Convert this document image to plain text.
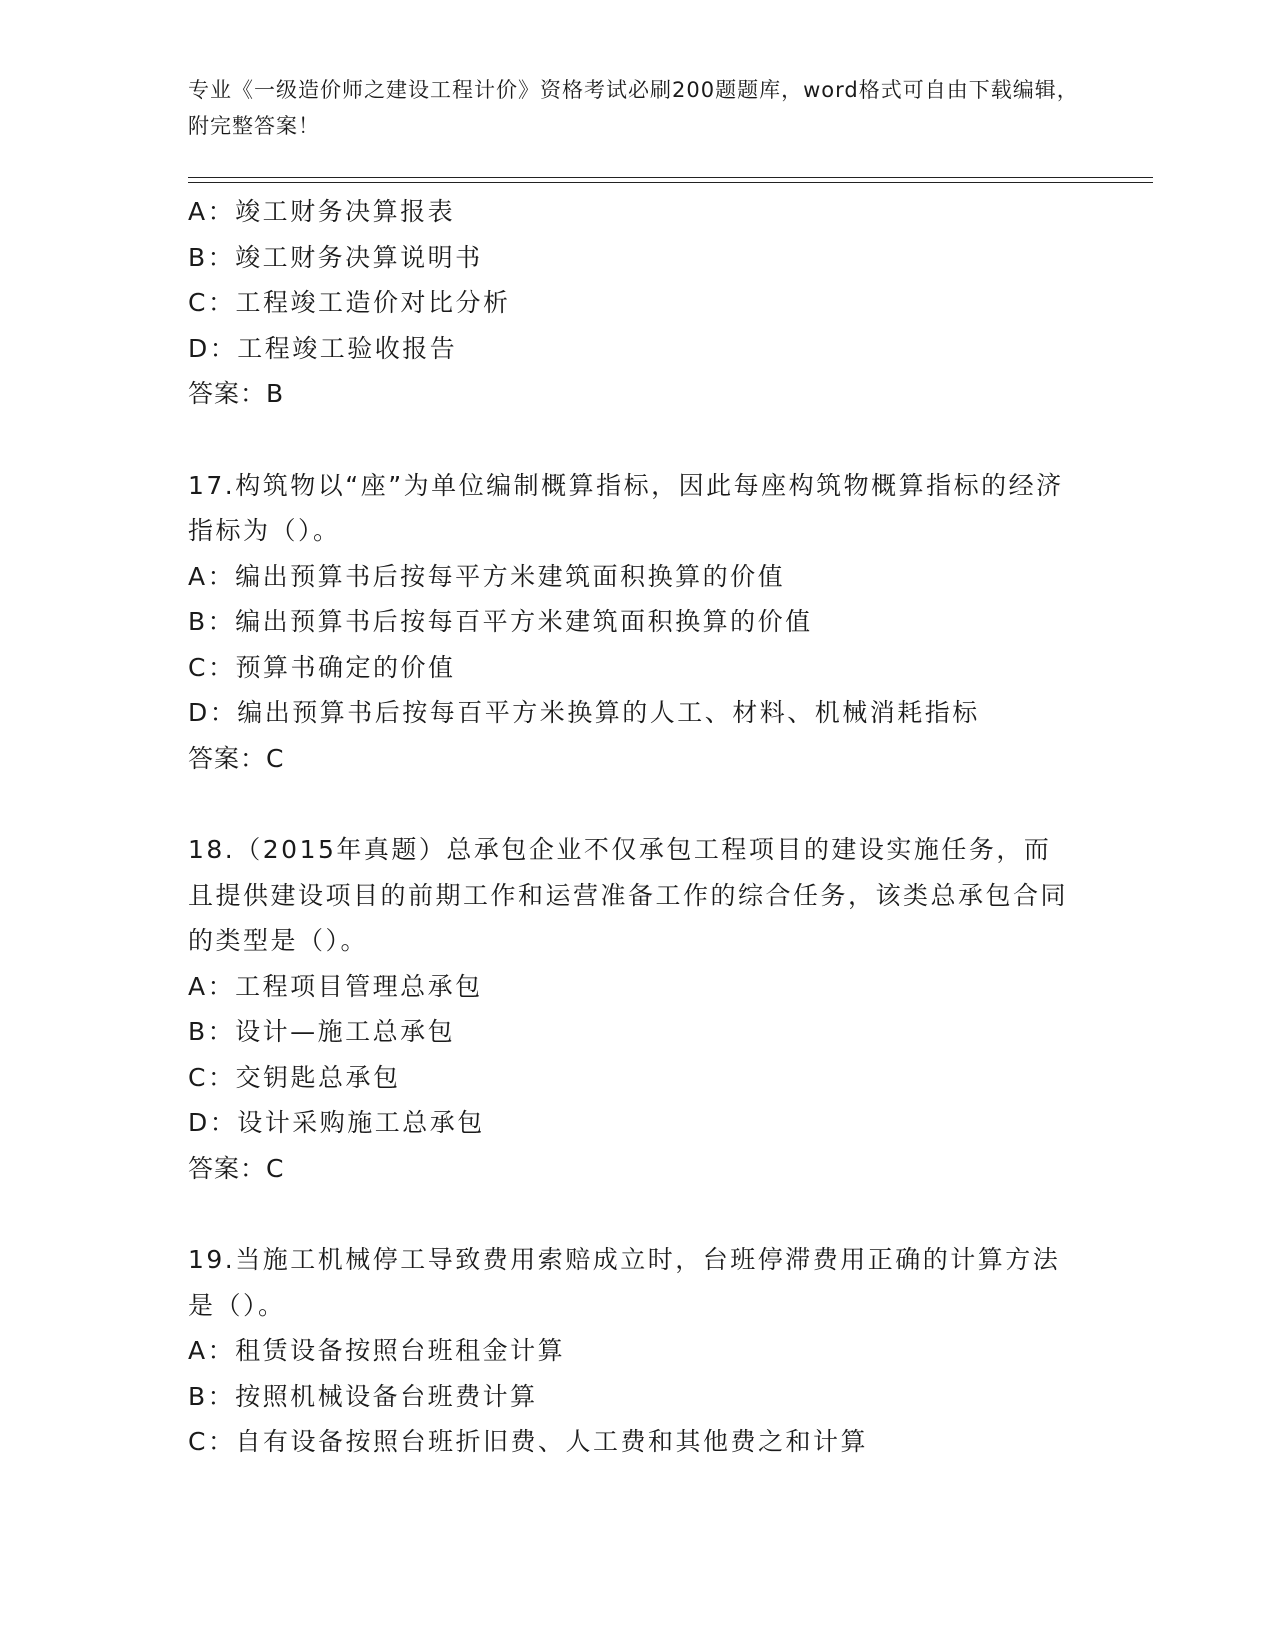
专业《一级造价师之建设工程计价》资格考试必刷200题题库，word格式可自由下载编辑，附完整答案！
A：竣工财务决算报表
B：竣工财务决算说明书
C：工程竣工造价对比分析
D：工程竣工验收报告
答案：B
17.构筑物以“座”为单位编制概算指标，因此每座构筑物概算指标的经济指标为（）。
A：编出预算书后按每平方米建筑面积换算的价值
B：编出预算书后按每百平方米建筑面积换算的价值
C：预算书确定的价值
D：编出预算书后按每百平方米换算的人工、材料、机械消耗指标
答案：C
18.（2015年真题）总承包企业不仅承包工程项目的建设实施任务，而且提供建设项目的前期工作和运营准备工作的综合任务，该类总承包合同的类型是（）。
A：工程项目管理总承包
B：设计—施工总承包
C：交钥匙总承包
D：设计采购施工总承包
答案：C
19.当施工机械停工导致费用索赔成立时，台班停滞费用正确的计算方法是（）。
A：租赁设备按照台班租金计算
B：按照机械设备台班费计算
C：自有设备按照台班折旧费、人工费和其他费之和计算
